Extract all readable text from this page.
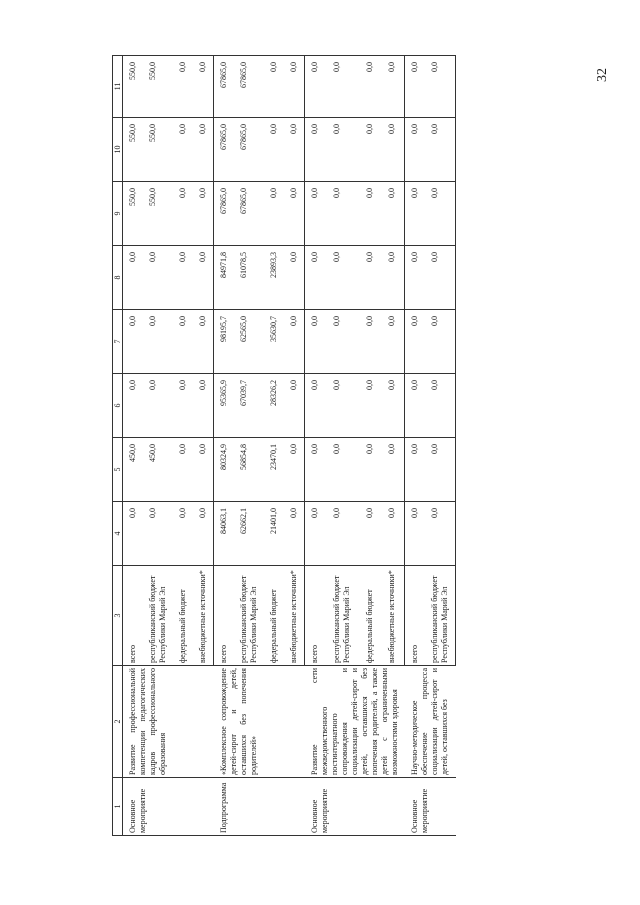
32
1	2	3	4	5	6	7	8	9	10	11
Основное мероприятие	Развитие профессиональной компетенции педагогических кадров профессионального образования	всего	0,0	450,0	0,0	0,0	0,0	550,0	550,0	550,0
		республиканский бюджет Республики Марий Эл	0,0	450,0	0,0	0,0	0,0	550,0	550,0	550,0
		федеральный бюджет	0,0	0,0	0,0	0,0	0,0	0,0	0,0	0,0
		внебюджетные источники*	0,0	0,0	0,0	0,0	0,0	0,0	0,0	0,0
Подпрограмма	«Комплексное сопровождение детей-сирот и детей, оставшихся без попечения родителей»	всего	84063,1	80324,9	95365,9	98195,7	84971,8	67865,0	67865,0	67865,0
		республиканский бюджет Республики Марий Эл	62662,1	56854,8	67039,7	62565,0	61078,5	67865,0	67865,0	67865,0
		федеральный бюджет	21401,0	23470,1	28326,2	35630,7	23893,3	0,0	0,0	0,0
		внебюджетные источники*	0,0	0,0	0,0	0,0	0,0	0,0	0,0	0,0
Основное мероприятие	Развитие сети межведомственного постинтернатного сопровождения и социализации детей-сирот и детей, оставшихся без попечения родителей, а также детей с ограниченными возможностями здоровья	всего	0,0	0,0	0,0	0,0	0,0	0,0	0,0	0,0
		республиканский бюджет Республики Марий Эл	0,0	0,0	0,0	0,0	0,0	0,0	0,0	0,0
		федеральный бюджет	0,0	0,0	0,0	0,0	0,0	0,0	0,0	0,0
		внебюджетные источники*	0,0	0,0	0,0	0,0	0,0	0,0	0,0	0,0
Основное мероприятие	Научно-методическое обеспечение процесса социализации детей-сирот и детей, оставшихся без	всего	0,0	0,0	0,0	0,0	0,0	0,0	0,0	0,0
		республиканский бюджет Республики Марий Эл	0,0	0,0	0,0	0,0	0,0	0,0	0,0	0,0
